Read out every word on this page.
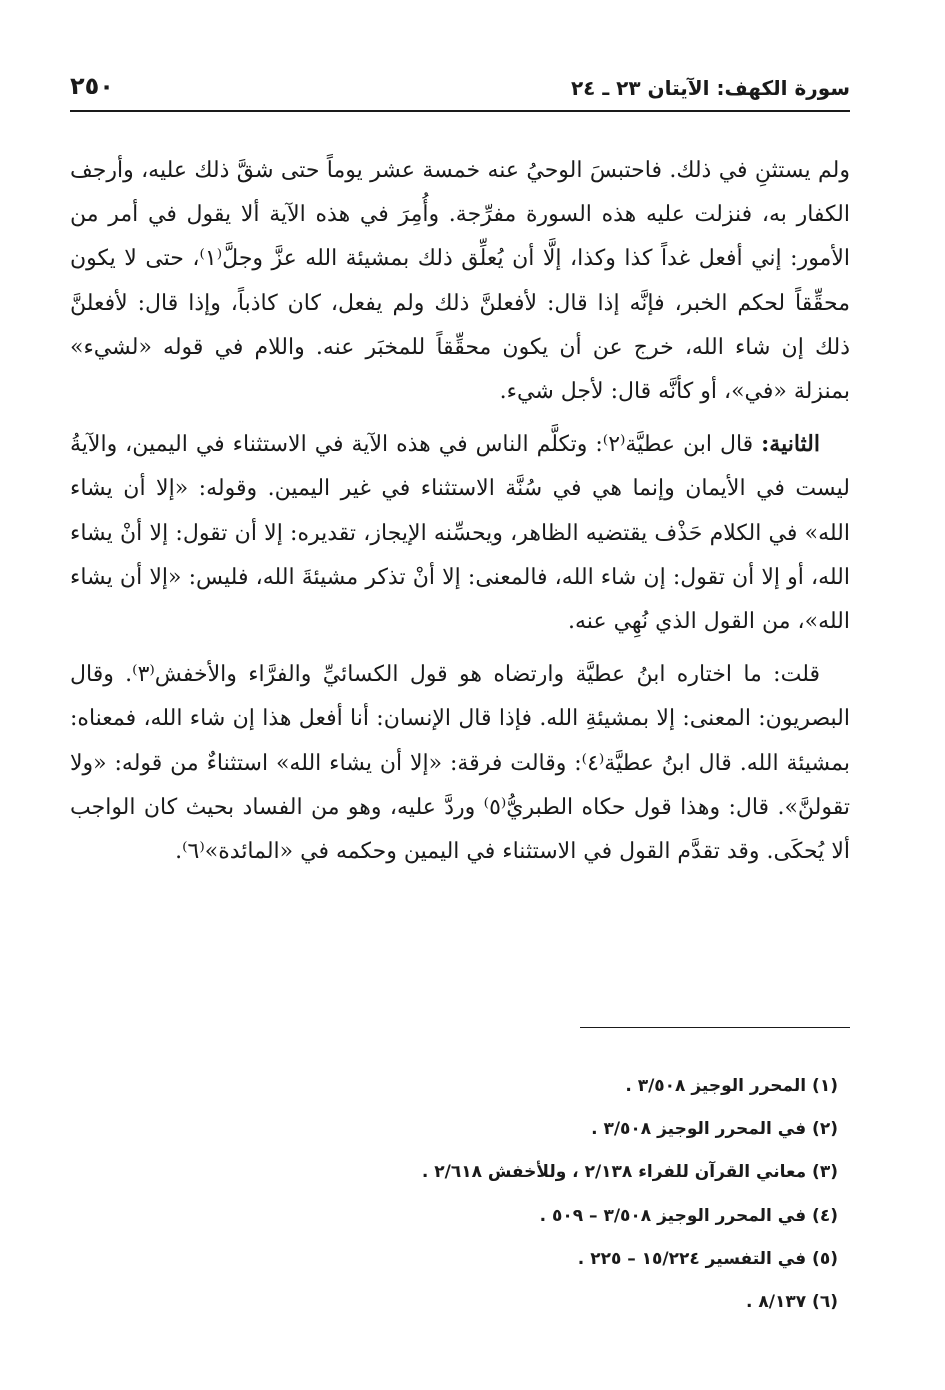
سورة الكهف: الآيتان ٢٣ ـ ٢٤
٢٥٠

ولم يستثنِ في ذلك. فاحتبسَ الوحيُ عنه خمسة عشر يوماً حتى شقَّ ذلك عليه، وأرجف الكفار به، فنزلت عليه هذه السورة مفرِّجة. وأُمِرَ في هذه الآية ألا يقول في أمر من الأمور: إني أفعل غداً كذا وكذا، إلَّا أن يُعلِّق ذلك بمشيئة الله عزَّ وجلَّ⁽١⁾، حتى لا يكون محقِّقاً لحكم الخبر، فإنَّه إذا قال: لأفعلنَّ ذلك ولم يفعل، كان كاذباً، وإذا قال: لأفعلنَّ ذلك إن شاء الله، خرج عن أن يكون محقِّقاً للمخبَر عنه. واللام في قوله «لشيء» بمنزلة «في»، أو كأنَّه قال: لأجل شيء.

الثانية: قال ابن عطيَّة⁽٢⁾: وتكلَّم الناس في هذه الآية في الاستثناء في اليمين، والآيةُ ليست في الأيمان وإنما هي في سُنَّة الاستثناء في غير اليمين. وقوله: «إلا أن يشاء الله» في الكلام حَذْف يقتضيه الظاهر، ويحسِّنه الإيجاز، تقديره: إلا أن تقول: إلا أنْ يشاء الله، أو إلا أن تقول: إن شاء الله، فالمعنى: إلا أنْ تذكر مشيئةَ الله، فليس: «إلا أن يشاء الله»، من القول الذي نُهِي عنه.

قلت: ما اختاره ابنُ عطيَّة وارتضاه هو قول الكسائيِّ والفرَّاء والأخفش⁽٣⁾. وقال البصريون: المعنى: إلا بمشيئةِ الله. فإذا قال الإنسان: أنا أفعل هذا إن شاء الله، فمعناه: بمشيئة الله. قال ابنُ عطيَّة⁽٤⁾: وقالت فرقة: «إلا أن يشاء الله» استثناءٌ من قوله: «ولا تقولنَّ». قال: وهذا قول حكاه الطبريُّ⁽٥⁾ وردَّ عليه، وهو من الفساد بحيث كان الواجب ألا يُحكَى. وقد تقدَّم القول في الاستثناء في اليمين وحكمه في «المائدة»⁽٦⁾.

(١) المحرر الوجيز ٣/٥٠٨ .
(٢) في المحرر الوجيز ٣/٥٠٨ .
(٣) معاني القرآن للفراء ٢/١٣٨ ، وللأخفش ٢/٦١٨ .
(٤) في المحرر الوجيز ٣/٥٠٨ – ٥٠٩ .
(٥) في التفسير ١٥/٢٢٤ – ٢٢٥ .
(٦) ٨/١٣٧ .
